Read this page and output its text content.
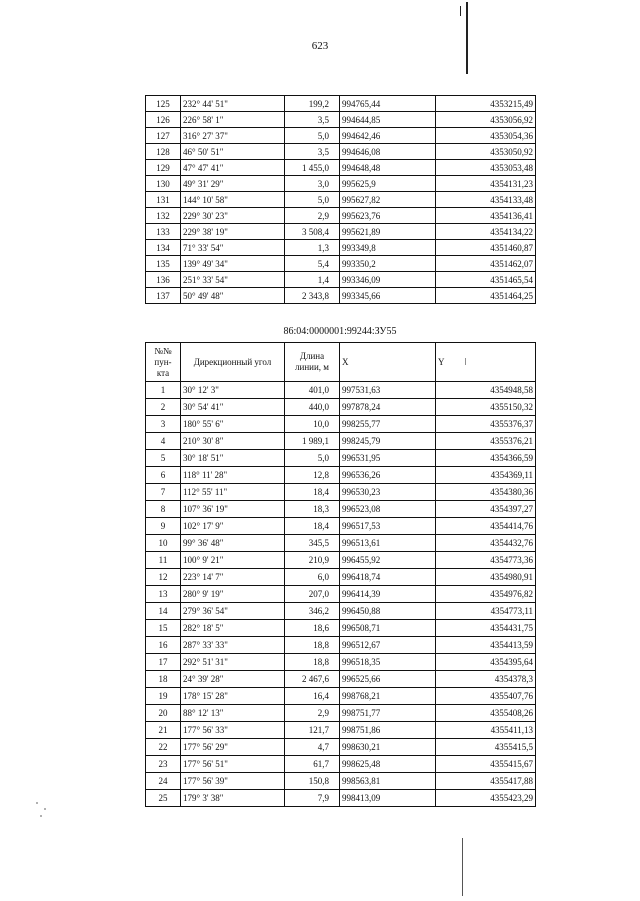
623
125	232° 44' 51"	199,2	994765,44	4353215,49
126	226° 58' 1"	3,5	994644,85	4353056,92
127	316° 27' 37"	5,0	994642,46	4353054,36
128	46° 50' 51"	3,5	994646,08	4353050,92
129	47° 47' 41"	1 455,0	994648,48	4353053,48
130	49° 31' 29"	3,0	995625,9	4354131,23
131	144° 10' 58"	5,0	995627,82	4354133,48
132	229° 30' 23"	2,9	995623,76	4354136,41
133	229° 38' 19"	3 508,4	995621,89	4354134,22
134	71° 33' 54"	1,3	993349,8	4351460,87
135	139° 49' 34"	5,4	993350,2	4351462,07
136	251° 33' 54"	1,4	993346,09	4351465,54
137	50° 49' 48"	2 343,8	993345,66	4351464,25
86:04:0000001:99244:ЗУ55
№№ пун- кта	Дирекционный угол	Длина линии, м	X	Y ǀ
1	30° 12' 3"	401,0	997531,63	4354948,58
2	30° 54' 41"	440,0	997878,24	4355150,32
3	180° 55' 6"	10,0	998255,77	4355376,37
4	210° 30' 8"	1 989,1	998245,79	4355376,21
5	30° 18' 51"	5,0	996531,95	4354366,59
6	118° 11' 28"	12,8	996536,26	4354369,11
7	112° 55' 11"	18,4	996530,23	4354380,36
8	107° 36' 19"	18,3	996523,08	4354397,27
9	102° 17' 9"	18,4	996517,53	4354414,76
10	99° 36' 48"	345,5	996513,61	4354432,76
11	100° 9' 21"	210,9	996455,92	4354773,36
12	223° 14' 7"	6,0	996418,74	4354980,91
13	280° 9' 19"	207,0	996414,39	4354976,82
14	279° 36' 54"	346,2	996450,88	4354773,11
15	282° 18' 5"	18,6	996508,71	4354431,75
16	287° 33' 33"	18,8	996512,67	4354413,59
17	292° 51' 31"	18,8	996518,35	4354395,64
18	24° 39' 28"	2 467,6	996525,66	4354378,3
19	178° 15' 28"	16,4	998768,21	4355407,76
20	88° 12' 13"	2,9	998751,77	4355408,26
21	177° 56' 33"	121,7	998751,86	4355411,13
22	177° 56' 29"	4,7	998630,21	4355415,5
23	177° 56' 51"	61,7	998625,48	4355415,67
24	177° 56' 39"	150,8	998563,81	4355417,88
25	179° 3' 38"	7,9	998413,09	4355423,29
